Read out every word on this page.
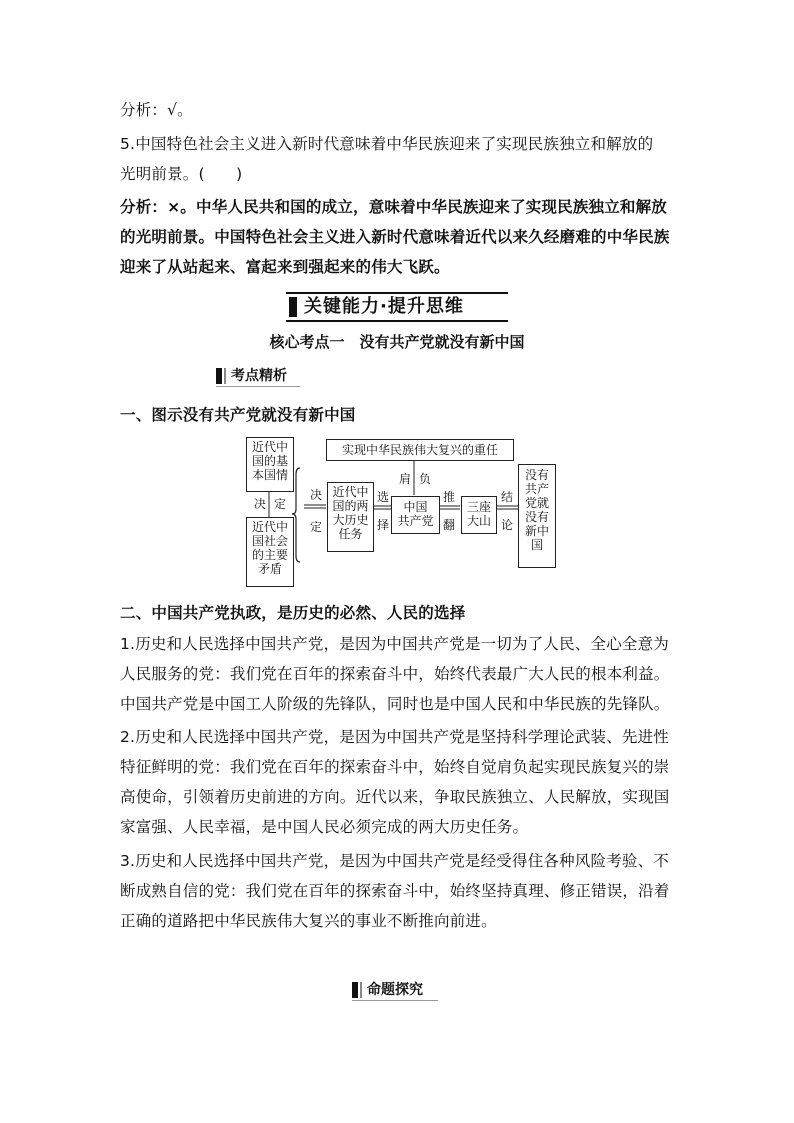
分析：√。
5.中国特色社会主义进入新时代意味着中华民族迎来了实现民族独立和解放的
光明前景。(　　)
分析：×。中华人民共和国的成立，意味着中华民族迎来了实现民族独立和解放
的光明前景。中国特色社会主义进入新时代意味着近代以来久经磨难的中华民族
迎来了从站起来、富起来到强起来的伟大飞跃。
关键能力·提升思维
核心考点一　没有共产党就没有新中国
考点精析
一、图示没有共产党就没有新中国
近代中
国的基
本国情
决 定
近代中
国社会
的主要
矛盾
决
定
近代中
国的两
大历史
任务
选
择
中国
共产党
推
翻
三座
大山
结
论
没有
共产
党就
没有
新中
国
实现中华民族伟大复兴的重任
肩 负
二、中国共产党执政，是历史的必然、人民的选择
1.历史和人民选择中国共产党，是因为中国共产党是一切为了人民、全心全意为
人民服务的党：我们党在百年的探索奋斗中，始终代表最广大人民的根本利益。
中国共产党是中国工人阶级的先锋队，同时也是中国人民和中华民族的先锋队。
2.历史和人民选择中国共产党，是因为中国共产党是坚持科学理论武装、先进性
特征鲜明的党：我们党在百年的探索奋斗中，始终自觉肩负起实现民族复兴的崇
高使命，引领着历史前进的方向。近代以来，争取民族独立、人民解放，实现国
家富强、人民幸福，是中国人民必须完成的两大历史任务。
3.历史和人民选择中国共产党，是因为中国共产党是经受得住各种风险考验、不
断成熟自信的党：我们党在百年的探索奋斗中，始终坚持真理、修正错误，沿着
正确的道路把中华民族伟大复兴的事业不断推向前进。
命题探究
